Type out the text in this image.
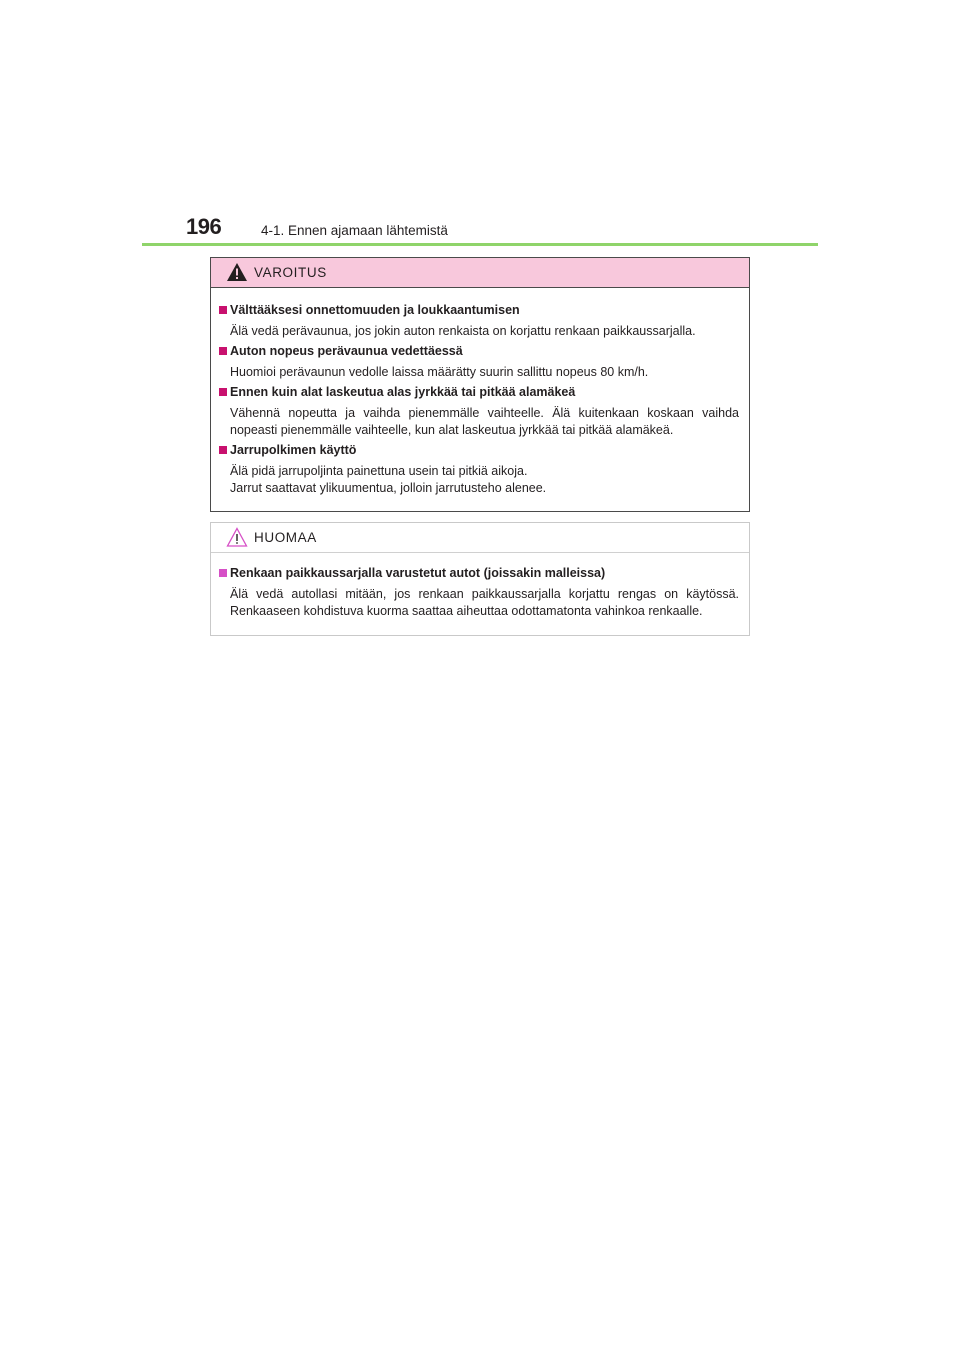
196	4-1. Ennen ajamaan lähtemistä
VAROITUS
Välttääksesi onnettomuuden ja loukkaantumisen
Älä vedä perävaunua, jos jokin auton renkaista on korjattu renkaan paikkaussarjalla.
Auton nopeus perävaunua vedettäessä
Huomioi perävaunun vedolle laissa määrätty suurin sallittu nopeus 80 km/h.
Ennen kuin alat laskeutua alas jyrkkää tai pitkää alamäkeä
Vähennä nopeutta ja vaihda pienemmälle vaihteelle. Älä kuitenkaan koskaan vaihda nopeasti pienemmälle vaihteelle, kun alat laskeutua jyrkkää tai pitkää alamäkeä.
Jarrupolkimen käyttö
Älä pidä jarrupoljinta painettuna usein tai pitkiä aikoja.
Jarrut saattavat ylikuumentua, jolloin jarrutusteho alenee.
HUOMAA
Renkaan paikkaussarjalla varustetut autot (joissakin malleissa)
Älä vedä autollasi mitään, jos renkaan paikkaussarjalla korjattu rengas on käytössä. Renkaaseen kohdistuva kuorma saattaa aiheuttaa odottamatonta vahinkoa renkaalle.
